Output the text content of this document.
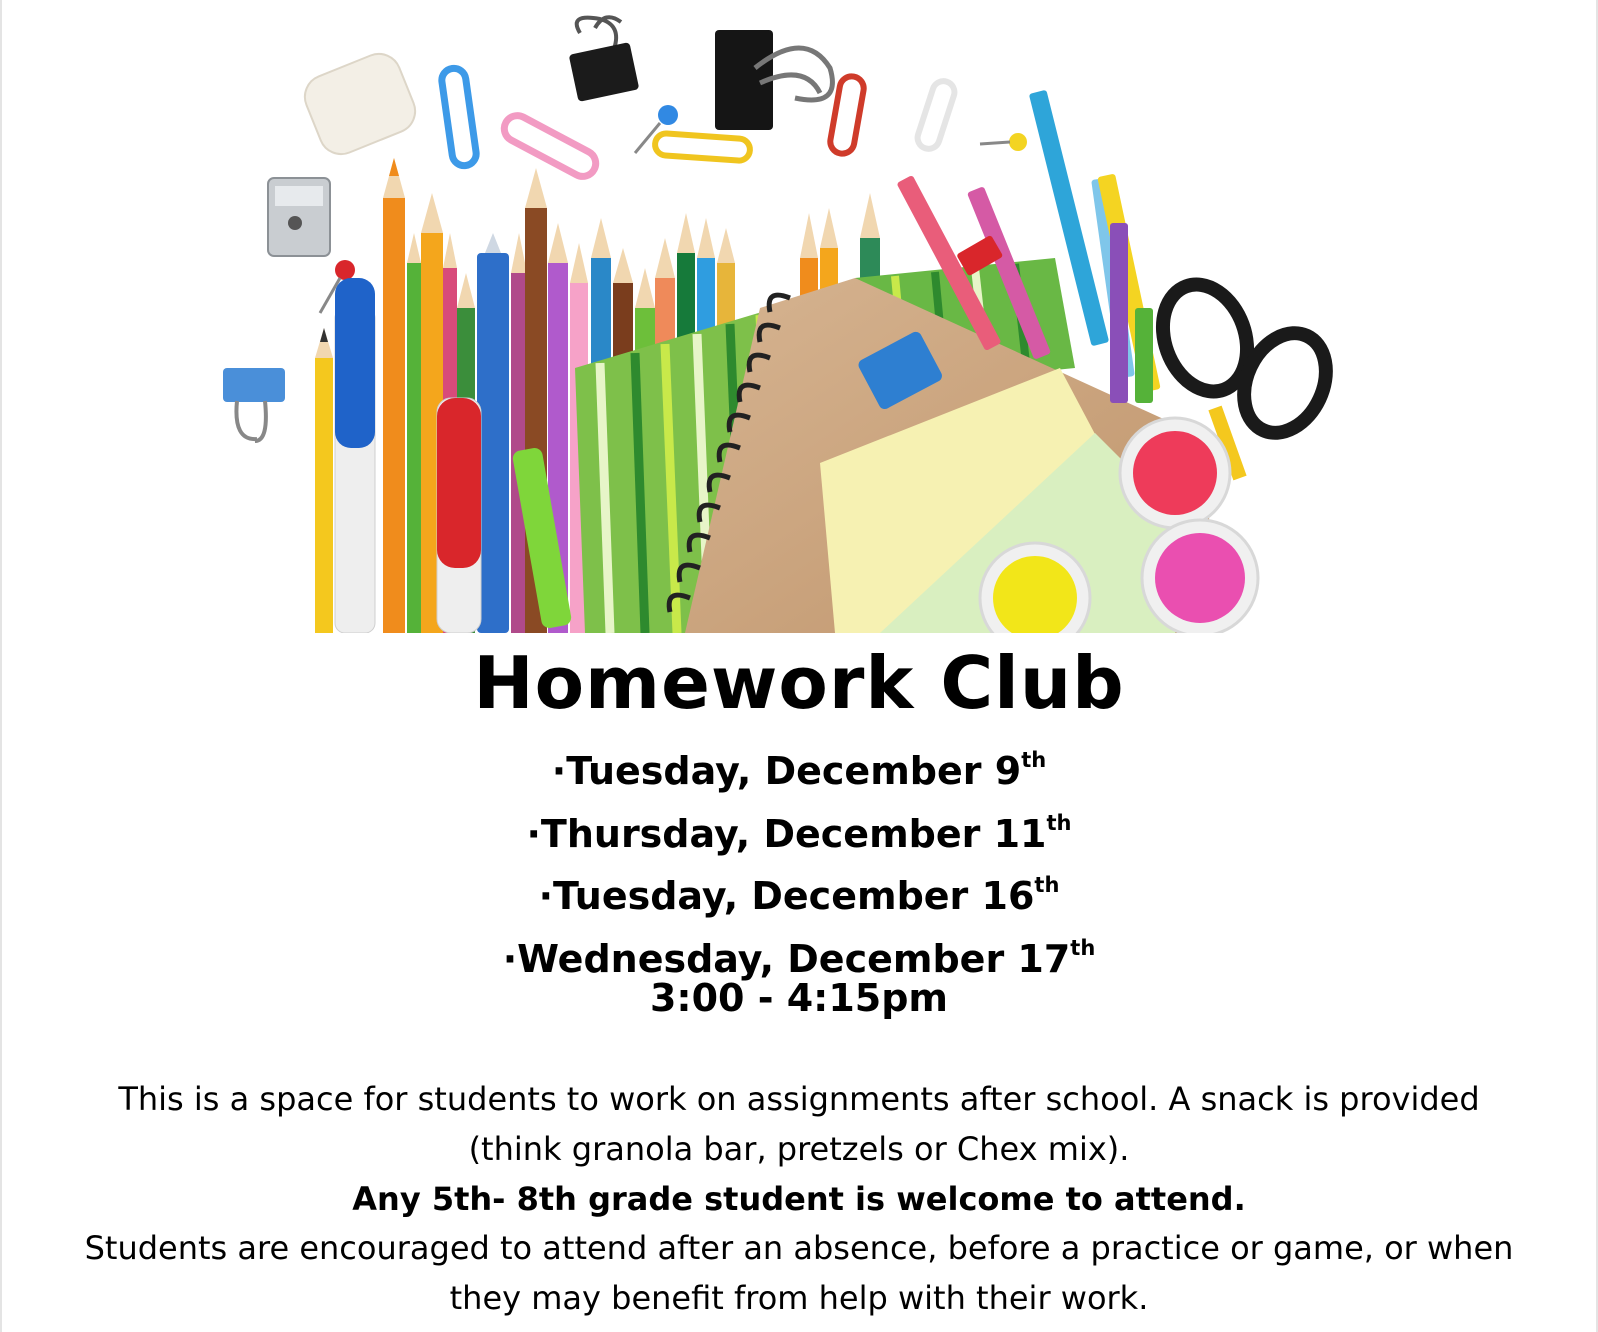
Homework Club
·Tuesday, December 9th
·Thursday, December 11th
·Tuesday, December 16th
·Wednesday, December 17th
3:00 - 4:15pm
This is a space for students to work on assignments after school. A snack is provided
(think granola bar, pretzels or Chex mix).
Any 5th- 8th grade student is welcome to attend.
Students are encouraged to attend after an absence, before a practice or game, or when
they may benefit from help with their work.
